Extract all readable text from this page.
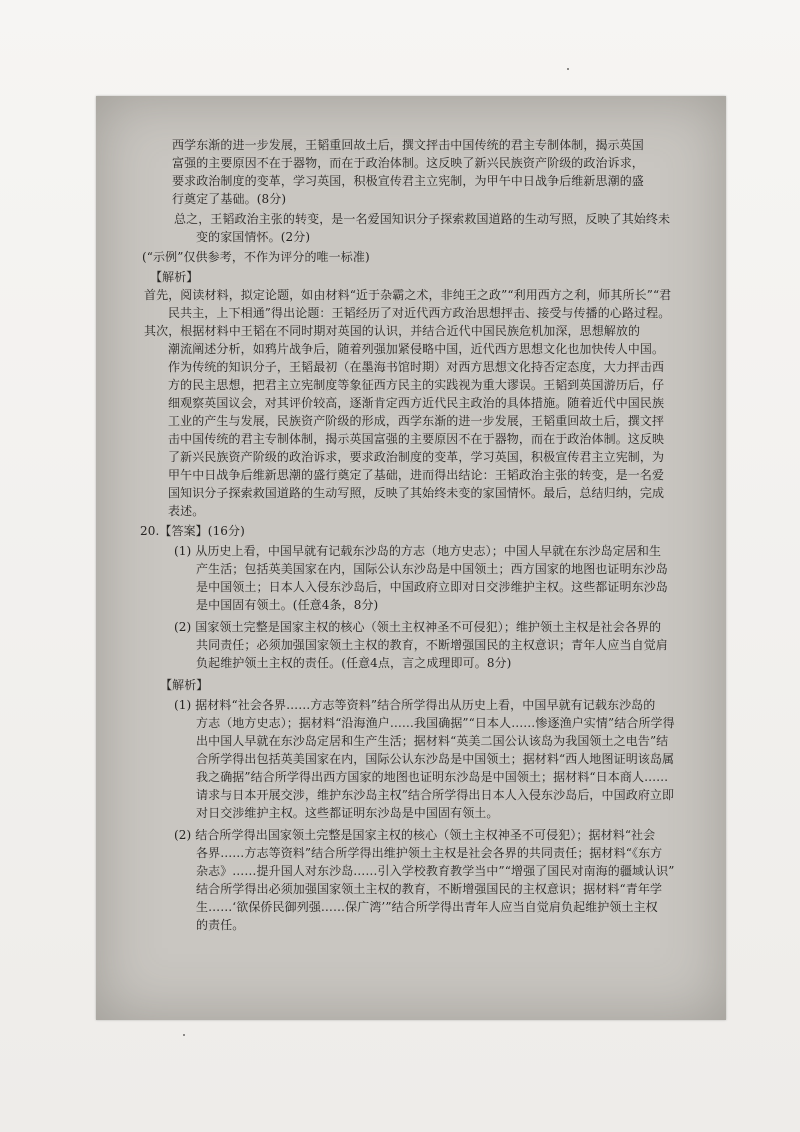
西学东渐的进一步发展，王韬重回故土后，撰文抨击中国传统的君主专制体制，揭示英国
富强的主要原因不在于器物，而在于政治体制。这反映了新兴民族资产阶级的政治诉求，
要求政治制度的变革，学习英国，积极宣传君主立宪制，为甲午中日战争后维新思潮的盛
行奠定了基础。(8分)
总之，王韬政治主张的转变，是一名爱国知识分子探索救国道路的生动写照，反映了其始终未
变的家国情怀。(2分)
(“示例”仅供参考，不作为评分的唯一标准)
【解析】
首先，阅读材料，拟定论题，如由材料“近于杂霸之术，非纯王之政”“利用西方之利，师其所长”“君
民共主，上下相通”得出论题：王韬经历了对近代西方政治思想抨击、接受与传播的心路过程。
其次，根据材料中王韬在不同时期对英国的认识，并结合近代中国民族危机加深，思想解放的
潮流阐述分析，如鸦片战争后，随着列强加紧侵略中国，近代西方思想文化也加快传人中国。
作为传统的知识分子，王韬最初（在墨海书馆时期）对西方思想文化持否定态度，大力抨击西
方的民主思想，把君主立宪制度等象征西方民主的实践视为重大谬误。王韬到英国游历后，仔
细观察英国议会，对其评价较高，逐渐肯定西方近代民主政治的具体措施。随着近代中国民族
工业的产生与发展，民族资产阶级的形成，西学东渐的进一步发展，王韬重回故土后，撰文抨
击中国传统的君主专制体制，揭示英国富强的主要原因不在于器物，而在于政治体制。这反映
了新兴民族资产阶级的政治诉求，要求政治制度的变革，学习英国，积极宣传君主立宪制，为
甲午中日战争后维新思潮的盛行奠定了基础，进而得出结论：王韬政治主张的转变，是一名爱
国知识分子探索救国道路的生动写照，反映了其始终未变的家国情怀。最后，总结归纳，完成
表述。
20.【答案】(16分)
(1) 从历史上看，中国早就有记载东沙岛的方志（地方史志）；中国人早就在东沙岛定居和生
产生活；包括英美国家在内，国际公认东沙岛是中国领土；西方国家的地图也证明东沙岛
是中国领土；日本人入侵东沙岛后，中国政府立即对日交涉维护主权。这些都证明东沙岛
是中国固有领土。(任意4条，8分)
(2) 国家领土完整是国家主权的核心（领土主权神圣不可侵犯）；维护领土主权是社会各界的
共同责任；必须加强国家领土主权的教育，不断增强国民的主权意识；青年人应当自觉肩
负起维护领土主权的责任。(任意4点，言之成理即可。8分)
【解析】
(1) 据材料“社会各界……方志等资料”结合所学得出从历史上看，中国早就有记载东沙岛的
方志（地方史志）；据材料“沿海渔户……我国确据”“日本人……惨逐渔户实情”结合所学得
出中国人早就在东沙岛定居和生产生活；据材料“英美二国公认该岛为我国领土之电告”结
合所学得出包括英美国家在内，国际公认东沙岛是中国领土；据材料“西人地图证明该岛属
我之确据”结合所学得出西方国家的地图也证明东沙岛是中国领土；据材料“日本商人……
请求与日本开展交涉，维护东沙岛主权”结合所学得出日本人入侵东沙岛后，中国政府立即
对日交涉维护主权。这些都证明东沙岛是中国固有领土。
(2) 结合所学得出国家领土完整是国家主权的核心（领土主权神圣不可侵犯）；据材料“社会
各界……方志等资料”结合所学得出维护领土主权是社会各界的共同责任；据材料“《东方
杂志》……提升国人对东沙岛……引入学校教育教学当中”“增强了国民对南海的疆域认识”
结合所学得出必须加强国家领土主权的教育，不断增强国民的主权意识；据材料“青年学
生……‘欲保侨民御列强……保广湾’”结合所学得出青年人应当自觉肩负起维护领土主权
的责任。
